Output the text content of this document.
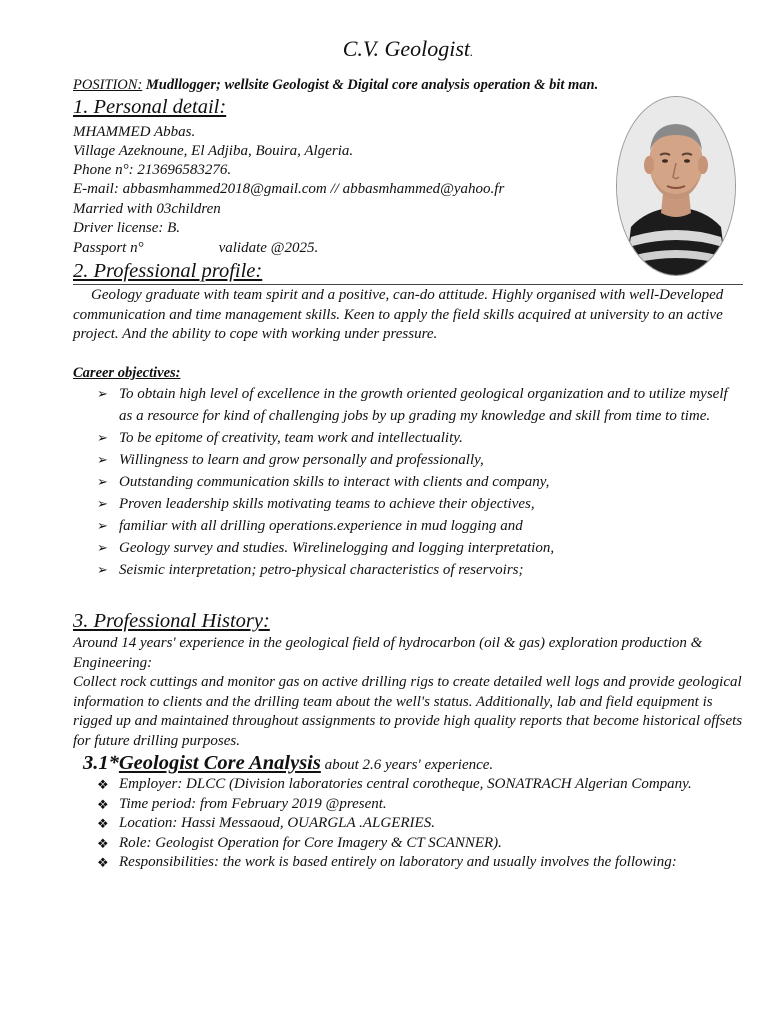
C.V. Geologist.
POSITION: Mudllogger; wellsite Geologist & Digital core analysis operation & bit man.
1. Personal detail:
MHAMMED Abbas.
Village Azeknoune, El Adjiba, Bouira, Algeria.
Phone n°: 213696583276.
E-mail: abbasmhammed2018@gmail.com // abbasmhammed@yahoo.fr
Married with 03children
Driver license: B.
Passport n°                    validate @2025.
2. Professional profile:
Geology graduate with team spirit and a positive, can-do attitude. Highly organised with well-Developed communication and time management skills. Keen to apply the field skills acquired at university to an active project. And the ability to cope with working under pressure.
Career objectives:
➢ To obtain high level of excellence in the growth oriented geological organization and to utilize myself as a resource for kind of challenging jobs by up grading my knowledge and skill from time to time.
➢ To be epitome of creativity, team work and intellectuality.
➢ Willingness to learn and grow personally and professionally,
➢ Outstanding communication skills to interact with clients and company,
➢ Proven leadership skills motivating teams to achieve their objectives,
➢ familiar with all drilling operations.experience in mud logging and
➢ Geology survey and studies. Wirelinelogging and logging interpretation,
➢ Seismic interpretation; petro-physical characteristics of reservoirs;
3. Professional History:
Around 14 years' experience in the geological field of hydrocarbon (oil & gas) exploration production & Engineering:
Collect rock cuttings and monitor gas on active drilling rigs to create detailed well logs and provide geological information to clients and the drilling team about the well's status. Additionally, lab and field equipment is rigged up and maintained throughout assignments to provide high quality reports that become historical offsets for future drilling purposes.
3.1*Geologist Core Analysis about 2.6 years' experience.
❖ Employer: DLCC (Division laboratories central corotheque, SONATRACH Algerian Company.
❖ Time period: from February 2019 @present.
❖ Location: Hassi Messaoud, OUARGLA .ALGERIES.
❖ Role: Geologist Operation for Core Imagery & CT SCANNER).
❖ Responsibilities: the work is based entirely on laboratory and usually involves the following:
